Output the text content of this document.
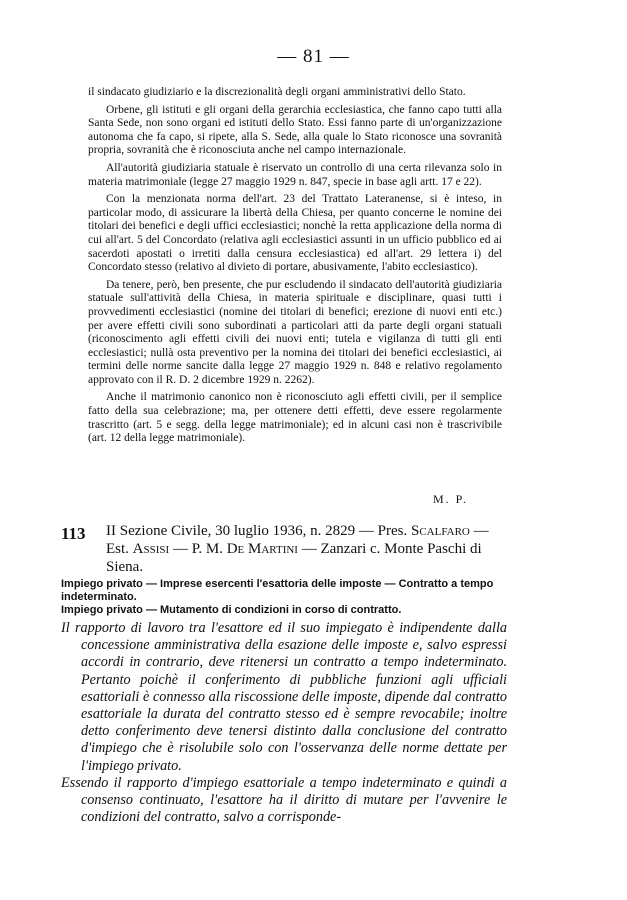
— 81 —

il sindacato giudiziario e la discrezionalità degli organi amministrativi dello Stato.

Orbene, gli istituti e gli organi della gerarchia ecclesiastica, che fanno capo tutti alla Santa Sede, non sono organi ed istituti dello Stato. Essi fanno parte di un'organizzazione autonoma che fa capo, si ripete, alla S. Sede, alla quale lo Stato riconosce una sovranità propria, sovranità che è riconosciuta anche nel campo internazionale.

All'autorità giudiziaria statuale è riservato un controllo di una certa rilevanza solo in materia matrimoniale (legge 27 maggio 1929 n. 847, specie in base agli artt. 17 e 22).

Con la menzionata norma dell'art. 23 del Trattato Lateranense, si è inteso, in particolar modo, di assicurare la libertà della Chiesa, per quanto concerne le nomine dei titolari dei benefici e degli uffici ecclesiastici; nonchè la retta applicazione della norma di cui all'art. 5 del Concordato (relativa agli ecclesiastici assunti in un ufficio pubblico ed ai sacerdoti apostati o irretiti dalla censura ecclesiastica) ed all'art. 29 lettera i) del Concordato stesso (relativo al divieto di portare, abusivamente, l'abito ecclesiastico).

Da tenere, però, ben presente, che pur escludendo il sindacato dell'autorità giudiziaria statuale sull'attività della Chiesa, in materia spirituale e disciplinare, quasi tutti i provvedimenti ecclesiastici (nomine dei titolari di benefici; erezione di nuovi enti etc.) per avere effetti civili sono subordinati a particolari atti da parte degli organi statuali (riconoscimento agli effetti civili dei nuovi enti; tutela e vigilanza di tutti gli enti ecclesiastici; nullà osta preventivo per la nomina dei titolari dei benefici ecclesiastici, ai termini delle norme sancite dalla legge 27 maggio 1929 n. 848 e relativo regolamento approvato con il R. D. 2 dicembre 1929 n. 2262).

Anche il matrimonio canonico non è riconosciuto agli effetti civili, per il semplice fatto della sua celebrazione; ma, per ottenere detti effetti, deve essere regolarmente trascritto (art. 5 e segg. della legge matrimoniale); ed in alcuni casi non è trascrivibile (art. 12 della legge matrimoniale).

M. P.
113 II Sezione Civile, 30 luglio 1936, n. 2829 — Pres. Scalfaro — Est. Assisi — P. M. De Martini — Zanzari c. Monte Paschi di Siena.
Impiego privato — Imprese esercenti l'esattoria delle imposte — Contratto a tempo indeterminato.
Impiego privato — Mutamento di condizioni in corso di contratto.

Il rapporto di lavoro tra l'esattore ed il suo impiegato è indipendente dalla concessione amministrativa della esazione delle imposte e, salvo espressi accordi in contrario, deve ritenersi un contratto a tempo indeterminato. Pertanto poichè il conferimento di pubbliche funzioni agli ufficiali esattoriali è connesso alla riscossione delle imposte, dipende dal contratto esattoriale la durata del contratto stesso ed è sempre revocabile; inoltre detto conferimento deve tenersi distinto dalla conclusione del contratto d'impiego che è risolubile solo con l'osservanza delle norme dettate per l'impiego privato.

Essendo il rapporto d'impiego esattoriale a tempo indeterminato e quindi a consenso continuato, l'esattore ha il diritto di mutare per l'avvenire le condizioni del contratto, salvo a corrisponde-
